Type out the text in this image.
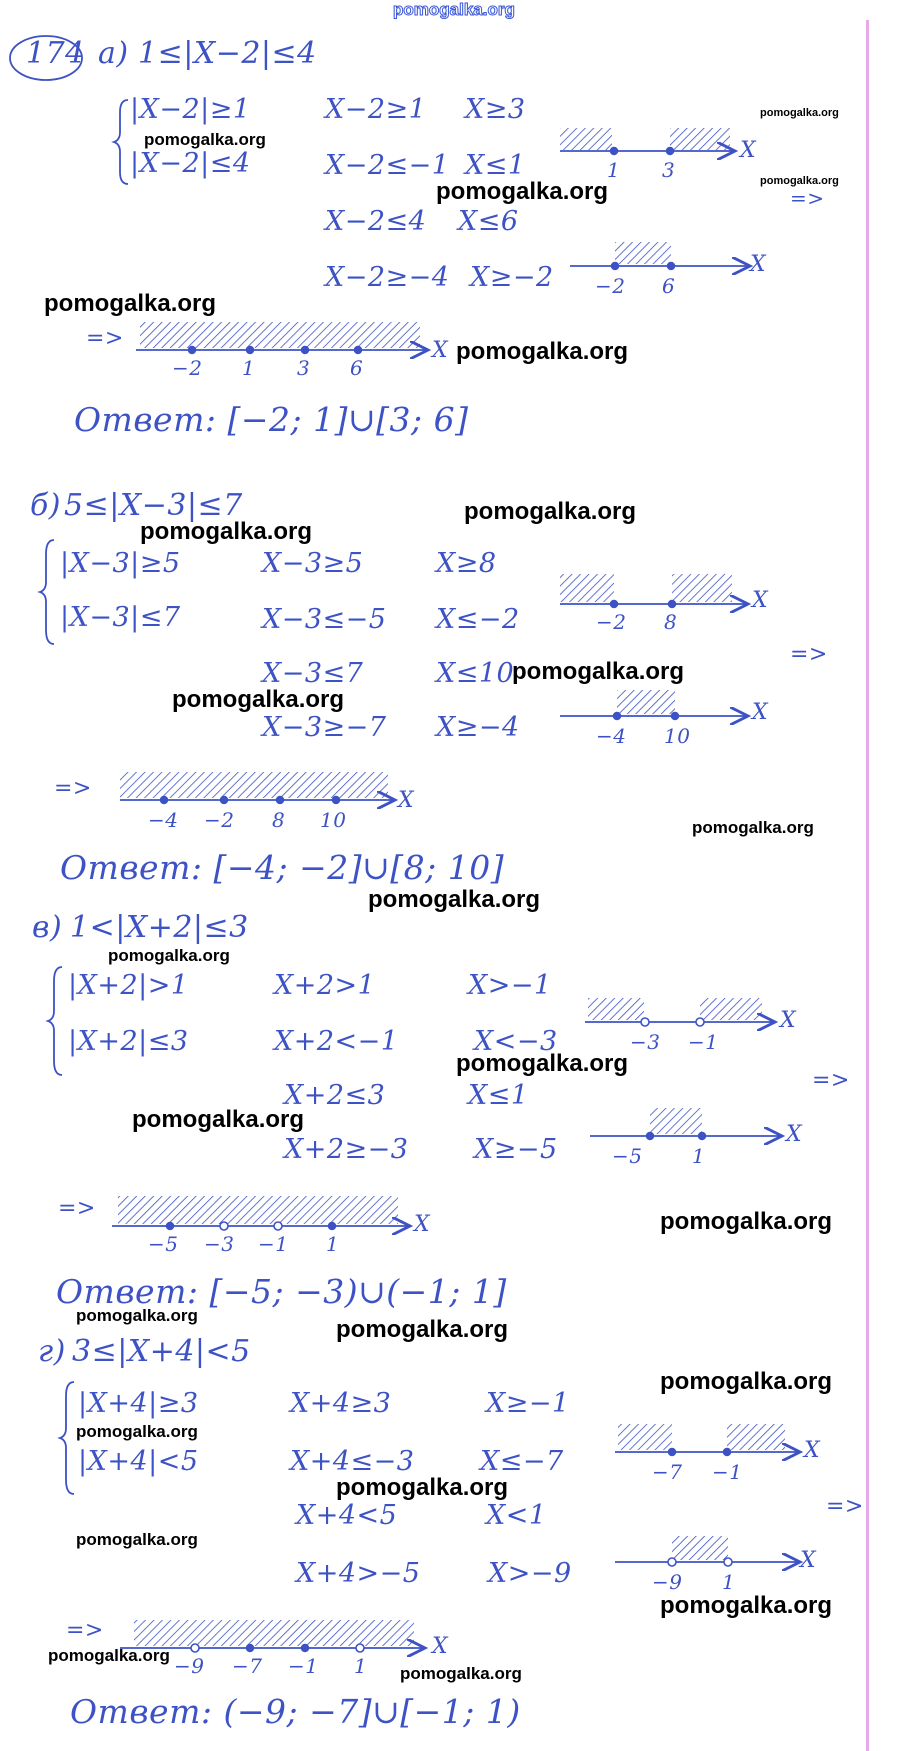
pomogalka.org
174 а) 1≤|X−2|≤4
|X−2|≥1
|X−2|≤4
X−2≥1 X≥3
X−2≤−1 X≤1
X−2≤4 X≤6
X−2≥−4 X≥−2
1 3
X
−2 6
X
=>
=>
−2 1 3 6
X
Ответ: [−2; 1]∪[3; 6]
б) 5≤|X−3|≤7
|X−3|≥5
|X−3|≤7
X−3≥5	X≥8
X−3≤−5 X≤−2
X−3≤7	X≤10
X−3≥−7 X≥−4
−2 8
X
−4 10
X
=>
=>
−4 −2 8 10
X
Ответ: [−4; −2]∪[8; 10]
в) 1<|X+2|≤3
|X+2|>1
|X+2|≤3
X+2>1	X>−1
X+2<−1	X<−3
X+2≤3	X≤1
X+2≥−3 X≥−5
−3 −1
X
−5 1
X
=>
=>
−5 −3 −1 1
X
Ответ: [−5; −3)∪(−1; 1]
г) 3≤|X+4|<5
|X+4|≥3
|X+4|<5
X+4≥3	X≥−1
X+4≤−3 X≤−7
X+4<5	X<1
X+4>−5	X>−9
−7 −1
X
−9 1
X
=>
=>
−9 −7 −1 1
X
Ответ: (−9; −7]∪[−1; 1)
pomogalka.org
pomogalka.org
pomogalka.org
pomogalka.org
pomogalka.org
pomogalka.org
pomogalka.org
pomogalka.org
pomogalka.org
pomogalka.org
pomogalka.org
pomogalka.org
pomogalka.org
pomogalka.org
pomogalka.org
pomogalka.org
pomogalka.org
pomogalka.org
pomogalka.org
pomogalka.org
pomogalka.org
pomogalka.org
pomogalka.org
pomogalka.org
pomogalka.org
